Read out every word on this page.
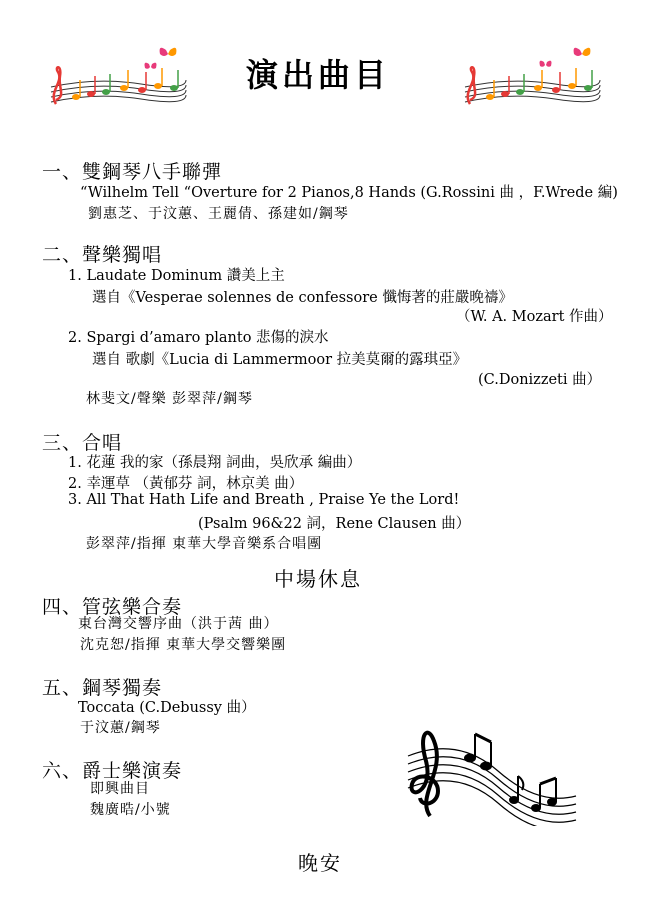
演出曲目
一、雙鋼琴八手聯彈
“Wilhelm Tell “Overture for 2 Pianos,8 Hands (G.Rossini 曲 ，F.Wrede 編)
劉惠芝、于汶蕙、王麗倩、孫建如/鋼琴
二、聲樂獨唱
1. Laudate Dominum 讚美上主
選自《Vesperae solennes de confessore 懺悔著的莊嚴晚禱》
（W. A. Mozart 作曲）
2. Spargi d’amaro planto 悲傷的淚水
選自 歌劇《Lucia di Lammermoor 拉美莫爾的露琪亞》
(C.Donizzeti 曲）
林斐文/聲樂 彭翠萍/鋼琴
三、合唱
1. 花蓮 我的家（孫晨翔 詞曲，吳欣承 編曲）
2. 幸運草 （黃郁芬 詞，林京美 曲）
3. All That Hath Life and Breath , Praise Ye the Lord!
(Psalm 96&22 詞，Rene Clausen 曲）
彭翠萍/指揮 東華大學音樂系合唱團
中場休息
四、管弦樂合奏
東台灣交響序曲（洪于茜 曲）
沈克恕/指揮 東華大學交響樂團
五、鋼琴獨奏
Toccata (C.Debussy 曲）
于汶蕙/鋼琴
六、爵士樂演奏
即興曲目
魏廣晧/小號
晚安
